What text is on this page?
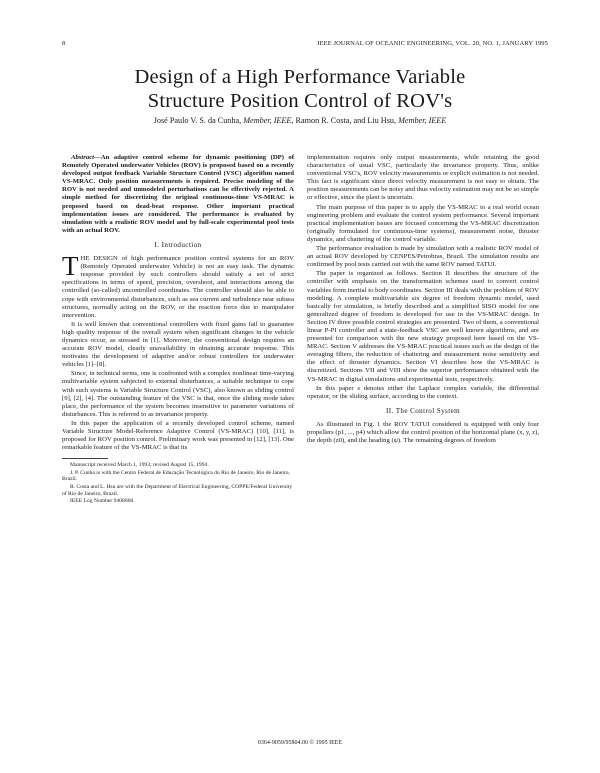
8	IEEE JOURNAL OF OCEANIC ENGINEERING, VOL. 20, NO. 1, JANUARY 1995
Design of a High Performance Variable
Structure Position Control of ROV's
José Paulo V. S. da Cunha, Member, IEEE, Ramon R. Costa, and Liu Hsu, Member, IEEE

Abstract—An adaptive control scheme for dynamic positioning (DP) of Remotely Operated underwater Vehicles (ROV) is proposed based on a recently developed output feedback Variable Structure Control (VSC) algorithm named VS-MRAC. Only position measurements is required. Precise modeling of the ROV is not needed and unmodeled perturbations can be effectively rejected. A simple method for discretizing the original continuous-time VS-MRAC is proposed based on dead-beat response. Other important practical implementation issues are considered. The performance is evaluated by simulation with a realistic ROV model and by full-scale experimental pool tests with an actual ROV.

I. Introduction

THE DESIGN of high performance position control systems for an ROV (Remotely Operated underwater Vehicle) is not an easy task. The dynamic response provided by such controllers should satisfy a set of strict specifications in terms of speed, precision, overshoot, and interactions among the controlled (so-called) uncontrolled coordinates. The controller should also be able to cope with environmental disturbances, such as sea current and turbulence near subsea structures, normally acting on the ROV, or the reaction force due to manipulator intervention.

It is well known that conventional controllers with fixed gains fail to guarantee high quality response of the overall system when significant changes in the vehicle dynamics occur, as stressed in [1]. Moreover, the conventional design requires an accurate ROV model, clearly unavailability in obtaining accurate response. This motivates the development of adaptive and/or robust controllers for underwater vehicles [1]–[8].

Since, in technical terms, one is confronted with a complex nonlinear time-varying multivariable system subjected to external disturbances, a suitable technique to cope with such systems is Variable Structure Control (VSC), also known as sliding control [9], [2], [4]. The outstanding feature of the VSC is that, once the sliding mode takes place, the performance of the system becomes insensitive to parameter variations of disturbances. This is referred to as invariance property.

In this paper the application of a recently developed control scheme, named Variable Structure Model-Reference Adaptive Control (VS-MRAC) [10], [11], is proposed for ROV position control. Preliminary work was presented in [12], [13]. One remarkable feature of the VS-MRAC is that its

Manuscript received March 1, 1993; revised August 15, 1994.

J. P. Cunha is with the Centro Federal de Educação Tecnológica do Rio de Janeiro, Rio de Janeiro, Brazil.

R. Costa and L. Hsu are with the Department of Electrical Engineering, COPPE/Federal University of Rio de Janeiro, Brazil.

IEEE Log Number 9408668.

implementation requires only output measurements, while retaining the good characteristics of usual VSC, particularly the invariance property. Thus, unlike conventional VSC's, ROV velocity measurements or explicit estimation is not needed. This fact is significant since direct velocity measurement is not easy to obtain. The position measurements can be noisy and thus velocity estimation may not be so simple or effective, since the plant is uncertain.

The main purpose of this paper is to apply the VS-MRAC to a real world ocean engineering problem and evaluate the control system performance. Several important practical implementation issues are focused concerning the VS-MRAC discretization (originally formulated for continuous-time systems), measurement noise, thruster dynamics, and chattering of the control variable.

The performance evaluation is made by simulation with a realistic ROV model of an actual ROV developed by CENPES/Petrobras, Brazil. The simulation results are confirmed by pool tests carried out with the same ROV named TATUI.

The paper is organized as follows. Section II describes the structure of the controller with emphasis on the transformation schemes used to convert control variables from inertial to body coordinates. Section III deals with the problem of ROV modeling. A complete multivariable six degree of freedom dynamic model, used basically for simulation, is briefly described and a simplified SISO model for one generalized degree of freedom is developed for use in the VS-MRAC design. In Section IV three possible control strategies are presented. Two of them, a conventional linear P-PI controller and a state-feedback VSC are well known algorithms, and are presented for comparison with the new strategy proposed here based on the VS-MRAC. Section V addresses the VS-MRAC practical issues such as the design of the averaging filters, the reduction of chattering and measurement noise sensitivity and the effect of thruster dynamics. Section VI describes how the VS-MRAC is discretized. Sections VII and VIII show the superior performance obtained with the VS-MRAC in digital simulations and experimental tests, respectively.

In this paper s denotes either the Laplace complex variable, the differential operator, or the sliding surface, according to the context.

II. The Control System

As illustrated in Fig. 1 the ROV TATUI considered is equipped with only four propellers (p1, ..., p4) which allow the control position of the horizontal plane (x, y, z), the depth (z0), and the heading (ψ). The remaining degrees of freedom

0364-9059/95$04.00 © 1995 IEEE
